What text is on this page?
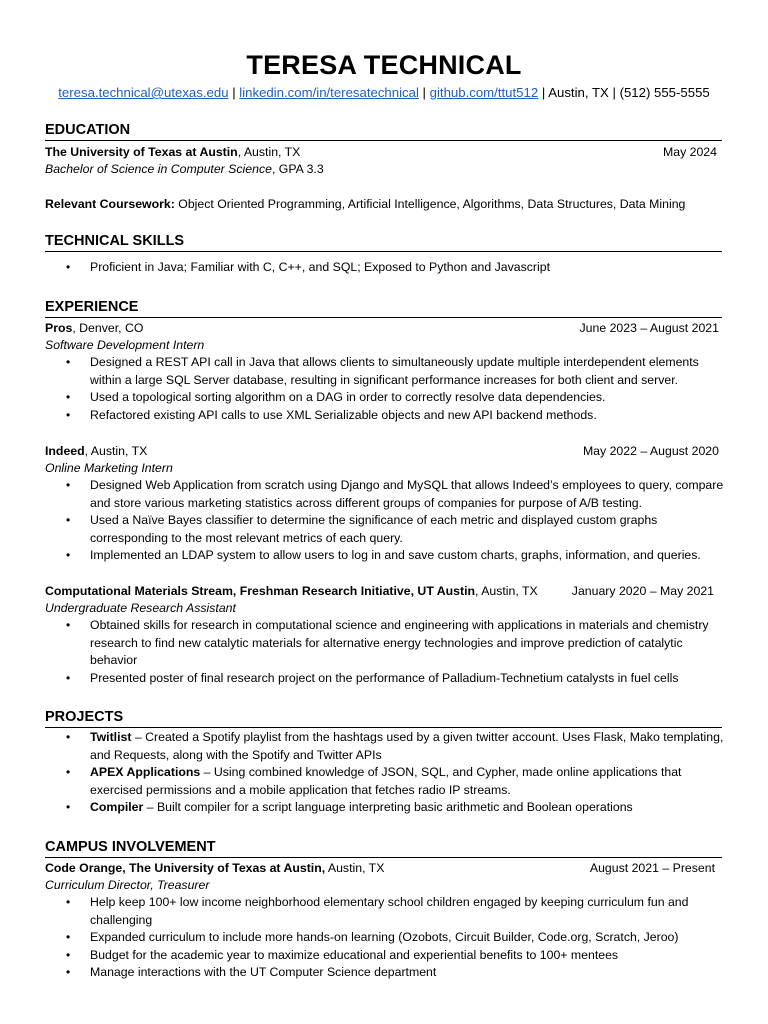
TERESA TECHNICAL
teresa.technical@utexas.edu | linkedin.com/in/teresatechnical | github.com/ttut512 | Austin, TX | (512) 555-5555
EDUCATION
The University of Texas at Austin, Austin, TX	May 2024
Bachelor of Science in Computer Science, GPA 3.3
Relevant Coursework: Object Oriented Programming, Artificial Intelligence, Algorithms, Data Structures, Data Mining
TECHNICAL SKILLS
• Proficient in Java; Familiar with C, C++, and SQL; Exposed to Python and Javascript
EXPERIENCE
Pros, Denver, CO	June 2023 – August 2021
Software Development Intern
• Designed a REST API call in Java that allows clients to simultaneously update multiple interdependent elements within a large SQL Server database, resulting in significant performance increases for both client and server.
• Used a topological sorting algorithm on a DAG in order to correctly resolve data dependencies.
• Refactored existing API calls to use XML Serializable objects and new API backend methods.
Indeed, Austin, TX	May 2022 – August 2020
Online Marketing Intern
• Designed Web Application from scratch using Django and MySQL that allows Indeed’s employees to query, compare and store various marketing statistics across different groups of companies for purpose of A/B testing.
• Used a Naïve Bayes classifier to determine the significance of each metric and displayed custom graphs corresponding to the most relevant metrics of each query.
• Implemented an LDAP system to allow users to log in and save custom charts, graphs, information, and queries.
Computational Materials Stream, Freshman Research Initiative, UT Austin, Austin, TX	January 2020 – May 2021
Undergraduate Research Assistant
• Obtained skills for research in computational science and engineering with applications in materials and chemistry research to find new catalytic materials for alternative energy technologies and improve prediction of catalytic behavior
• Presented poster of final research project on the performance of Palladium-Technetium catalysts in fuel cells
PROJECTS
• Twitlist – Created a Spotify playlist from the hashtags used by a given twitter account. Uses Flask, Mako templating, and Requests, along with the Spotify and Twitter APIs
• APEX Applications – Using combined knowledge of JSON, SQL, and Cypher, made online applications that exercised permissions and a mobile application that fetches radio IP streams.
• Compiler – Built compiler for a script language interpreting basic arithmetic and Boolean operations
CAMPUS INVOLVEMENT
Code Orange, The University of Texas at Austin, Austin, TX	August 2021 – Present
Curriculum Director, Treasurer
• Help keep 100+ low income neighborhood elementary school children engaged by keeping curriculum fun and challenging
• Expanded curriculum to include more hands-on learning (Ozobots, Circuit Builder, Code.org, Scratch, Jeroo)
• Budget for the academic year to maximize educational and experiential benefits to 100+ mentees
• Manage interactions with the UT Computer Science department
